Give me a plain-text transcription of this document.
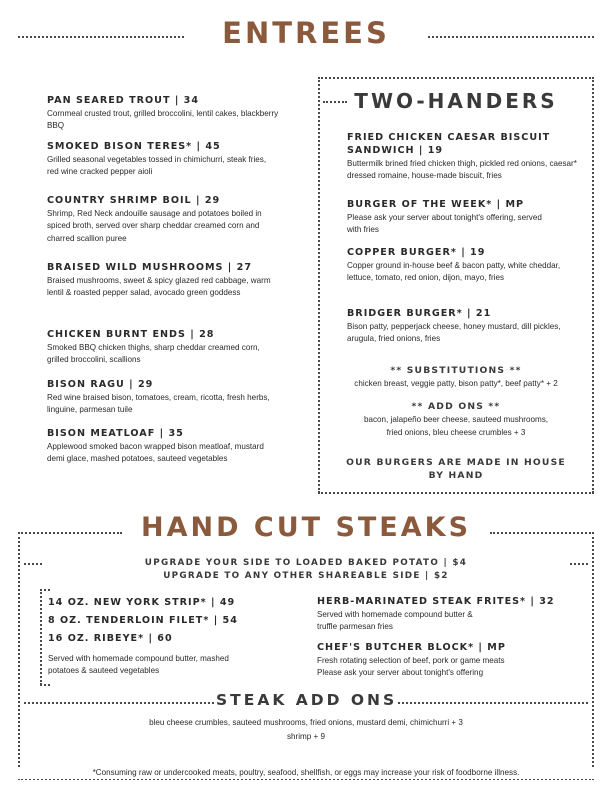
ENTREES
PAN SEARED TROUT | 34
Cornmeal crusted trout, grilled broccolini, lentil cakes, blackberry BBQ
SMOKED BISON TERES* | 45
Grilled seasonal vegetables tossed in chimichurri, steak fries, red wine cracked pepper aioli
COUNTRY SHRIMP BOIL | 29
Shrimp, Red Neck andouille sausage and potatoes boiled in spiced broth, served over sharp cheddar creamed corn and charred scallion puree
BRAISED WILD MUSHROOMS | 27
Braised mushrooms, sweet & spicy glazed red cabbage, warm lentil & roasted pepper salad, avocado green goddess
CHICKEN BURNT ENDS | 28
Smoked BBQ chicken thighs, sharp cheddar creamed corn, grilled broccolini, scallions
BISON RAGU | 29
Red wine braised bison, tomatoes, cream, ricotta, fresh herbs, linguine, parmesan tuile
BISON MEATLOAF | 35
Applewood smoked bacon wrapped bison meatloaf, mustard demi glace, mashed potatoes, sauteed vegetables
TWO-HANDERS
FRIED CHICKEN CAESAR BISCUIT SANDWICH | 19
Buttermilk brined fried chicken thigh, pickled red onions, caesar* dressed romaine, house-made biscuit, fries
BURGER OF THE WEEK* | MP
Please ask your server about tonight's offering, served with fries
COPPER BURGER* | 19
Copper ground in-house beef & bacon patty, white cheddar, lettuce, tomato, red onion, dijon, mayo, fries
BRIDGER BURGER* | 21
Bison patty, pepperjack cheese, honey mustard, dill pickles, arugula, fried onions, fries
** SUBSTITUTIONS **
chicken breast, veggie patty, bison patty*, beef patty* + 2
** ADD ONS **
bacon, jalapeño beer cheese, sauteed mushrooms,
fried onions, bleu cheese crumbles + 3
OUR BURGERS ARE MADE IN HOUSE
BY HAND
HAND CUT STEAKS
UPGRADE YOUR SIDE TO LOADED BAKED POTATO | $4
UPGRADE TO ANY OTHER SHAREABLE SIDE | $2
14 OZ. NEW YORK STRIP* | 49
8 OZ. TENDERLOIN FILET* | 54
16 OZ. RIBEYE* | 60
Served with homemade compound butter, mashed potatoes & sauteed vegetables
HERB-MARINATED STEAK FRITES* | 32
Served with homemade compound butter & truffle parmesan fries
CHEF'S BUTCHER BLOCK* | MP
Fresh rotating selection of beef, pork or game meats Please ask your server about tonight's offering
STEAK ADD ONS
bleu cheese crumbles, sauteed mushrooms, fried onions, mustard demi, chimichurri + 3
shrimp + 9
*Consuming raw or undercooked meats, poultry, seafood, shellfish, or eggs may increase your risk of foodborne illness.
